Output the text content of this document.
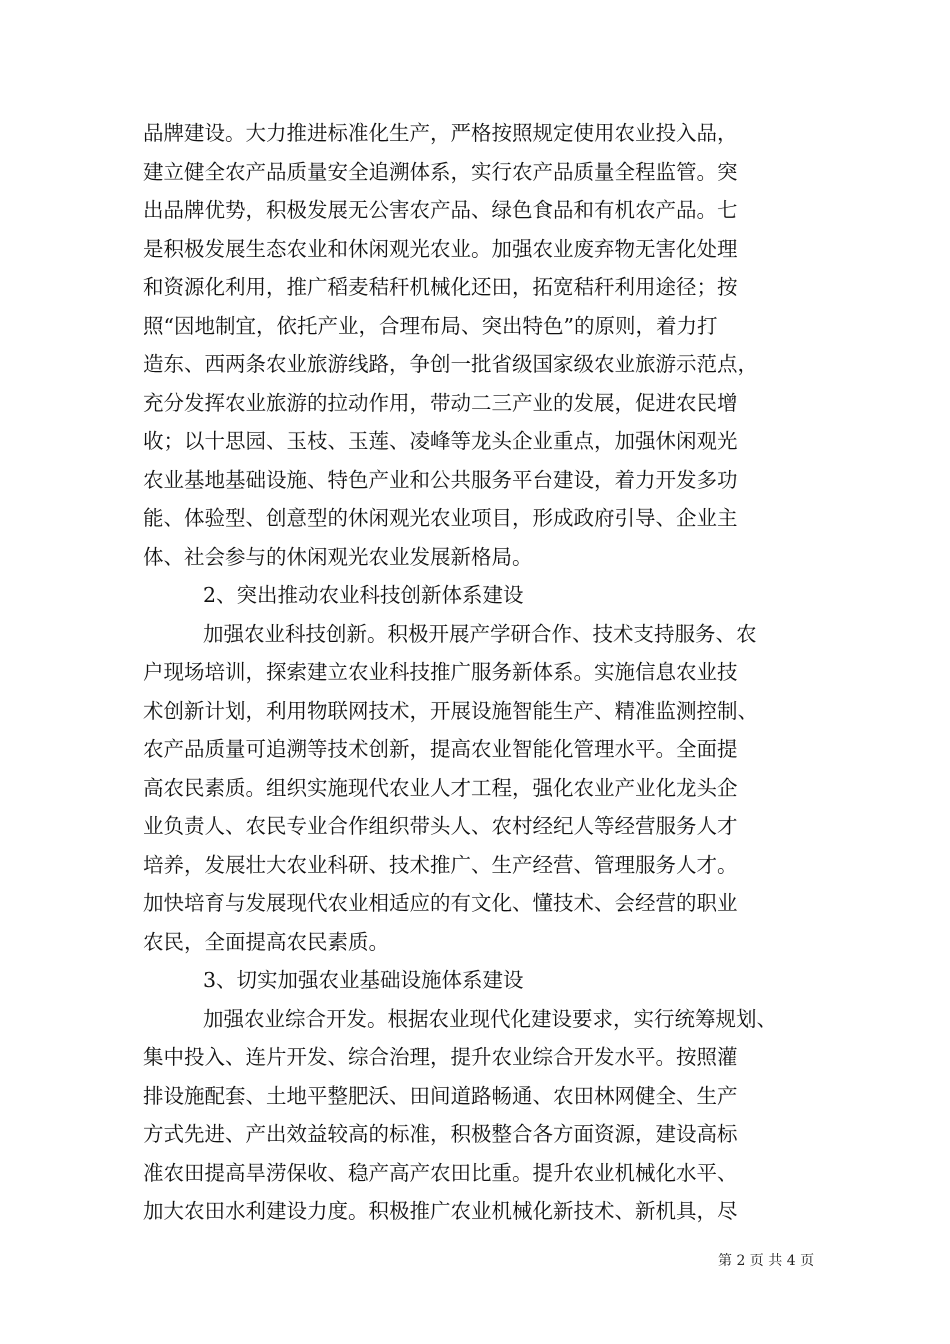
品牌建设。大力推进标准化生产，严格按照规定使用农业投入品，
建立健全农产品质量安全追溯体系，实行农产品质量全程监管。突
出品牌优势，积极发展无公害农产品、绿色食品和有机农产品。七
是积极发展生态农业和休闲观光农业。加强农业废弃物无害化处理
和资源化利用，推广稻麦秸秆机械化还田，拓宽秸秆利用途径；按
照“因地制宜，依托产业，合理布局、突出特色”的原则，着力打
造东、西两条农业旅游线路，争创一批省级国家级农业旅游示范点，
充分发挥农业旅游的拉动作用，带动二三产业的发展，促进农民增
收；以十思园、玉枝、玉莲、凌峰等龙头企业重点，加强休闲观光
农业基地基础设施、特色产业和公共服务平台建设，着力开发多功
能、体验型、创意型的休闲观光农业项目，形成政府引导、企业主
体、社会参与的休闲观光农业发展新格局。
2、突出推动农业科技创新体系建设
加强农业科技创新。积极开展产学研合作、技术支持服务、农
户现场培训，探索建立农业科技推广服务新体系。实施信息农业技
术创新计划，利用物联网技术，开展设施智能生产、精准监测控制、
农产品质量可追溯等技术创新，提高农业智能化管理水平。全面提
高农民素质。组织实施现代农业人才工程，强化农业产业化龙头企
业负责人、农民专业合作组织带头人、农村经纪人等经营服务人才
培养，发展壮大农业科研、技术推广、生产经营、管理服务人才。
加快培育与发展现代农业相适应的有文化、懂技术、会经营的职业
农民，全面提高农民素质。
3、切实加强农业基础设施体系建设
加强农业综合开发。根据农业现代化建设要求，实行统筹规划、
集中投入、连片开发、综合治理，提升农业综合开发水平。按照灌
排设施配套、土地平整肥沃、田间道路畅通、农田林网健全、生产
方式先进、产出效益较高的标准，积极整合各方面资源，建设高标
准农田提高旱涝保收、稳产高产农田比重。提升农业机械化水平、
加大农田水利建设力度。积极推广农业机械化新技术、新机具，尽
第 2 页 共 4 页
